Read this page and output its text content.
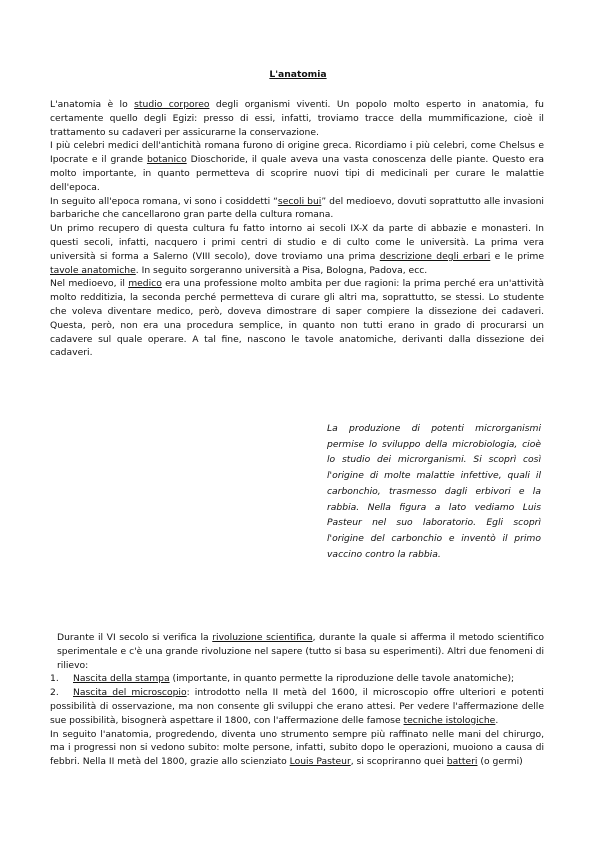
L'anatomia

L'anatomia è lo studio corporeo degli organismi viventi. Un popolo molto esperto in anatomia, fu certamente quello degli Egizi: presso di essi, infatti, troviamo tracce della mummificazione, cioè il trattamento su cadaveri per assicurarne la conservazione.

I più celebri medici dell'antichità romana furono di origine greca. Ricordiamo i più celebri, come Chelsus e Ipocrate e il grande botanico Dioschoride, il quale aveva una vasta conoscenza delle piante. Questo era molto importante, in quanto permetteva di scoprire nuovi tipi di medicinali per curare le malattie dell'epoca.

In seguito all'epoca romana, vi sono i cosiddetti “secoli bui” del medioevo, dovuti soprattutto alle invasioni barbariche che cancellarono gran parte della cultura romana.

Un primo recupero di questa cultura fu fatto intorno ai secoli IX-X da parte di abbazie e monasteri. In questi secoli, infatti, nacquero i primi centri di studio e di culto come le università. La prima vera università si forma a Salerno (VIII secolo), dove troviamo una prima descrizione degli erbari e le prime tavole anatomiche. In seguito sorgeranno università a Pisa, Bologna, Padova, ecc.

Nel medioevo, il medico era una professione molto ambita per due ragioni: la prima perché era un'attività molto redditizia, la seconda perché permetteva di curare gli altri ma, soprattutto, se stessi. Lo studente che voleva diventare medico, però, doveva dimostrare di saper compiere la dissezione dei cadaveri. Questa, però, non era una procedura semplice, in quanto non tutti erano in grado di procurarsi un cadavere sul quale operare. A tal fine, nascono le tavole anatomiche, derivanti dalla dissezione dei cadaveri.

La produzione di potenti microrganismi permise lo sviluppo della microbiologia, cioè lo studio dei microrganismi. Si scoprì così l'origine di molte malattie infettive, quali il carbonchio, trasmesso dagli erbivori e la rabbia. Nella figura a lato vediamo Luis Pasteur nel suo laboratorio. Egli scoprì l'origine del carbonchio e inventò il primo vaccino contro la rabbia.

Durante il VI secolo si verifica la rivoluzione scientifica, durante la quale si afferma il metodo scientifico sperimentale e c'è una grande rivoluzione nel sapere (tutto si basa su esperimenti). Altri due fenomeni di rilievo:

1. Nascita della stampa (importante, in quanto permette la riproduzione delle tavole anatomiche);

2. Nascita del microscopio: introdotto nella II metà del 1600, il microscopio offre ulteriori e potenti possibilità di osservazione, ma non consente gli sviluppi che erano attesi. Per vedere l'affermazione delle sue possibilità, bisognerà aspettare il 1800, con l'affermazione delle famose tecniche istologiche.

In seguito l'anatomia, progredendo, diventa uno strumento sempre più raffinato nelle mani del chirurgo, ma i progressi non si vedono subito: molte persone, infatti, subito dopo le operazioni, muoiono a causa di febbri. Nella II metà del 1800, grazie allo scienziato Louis Pasteur, si scopriranno quei batteri (o germi)
